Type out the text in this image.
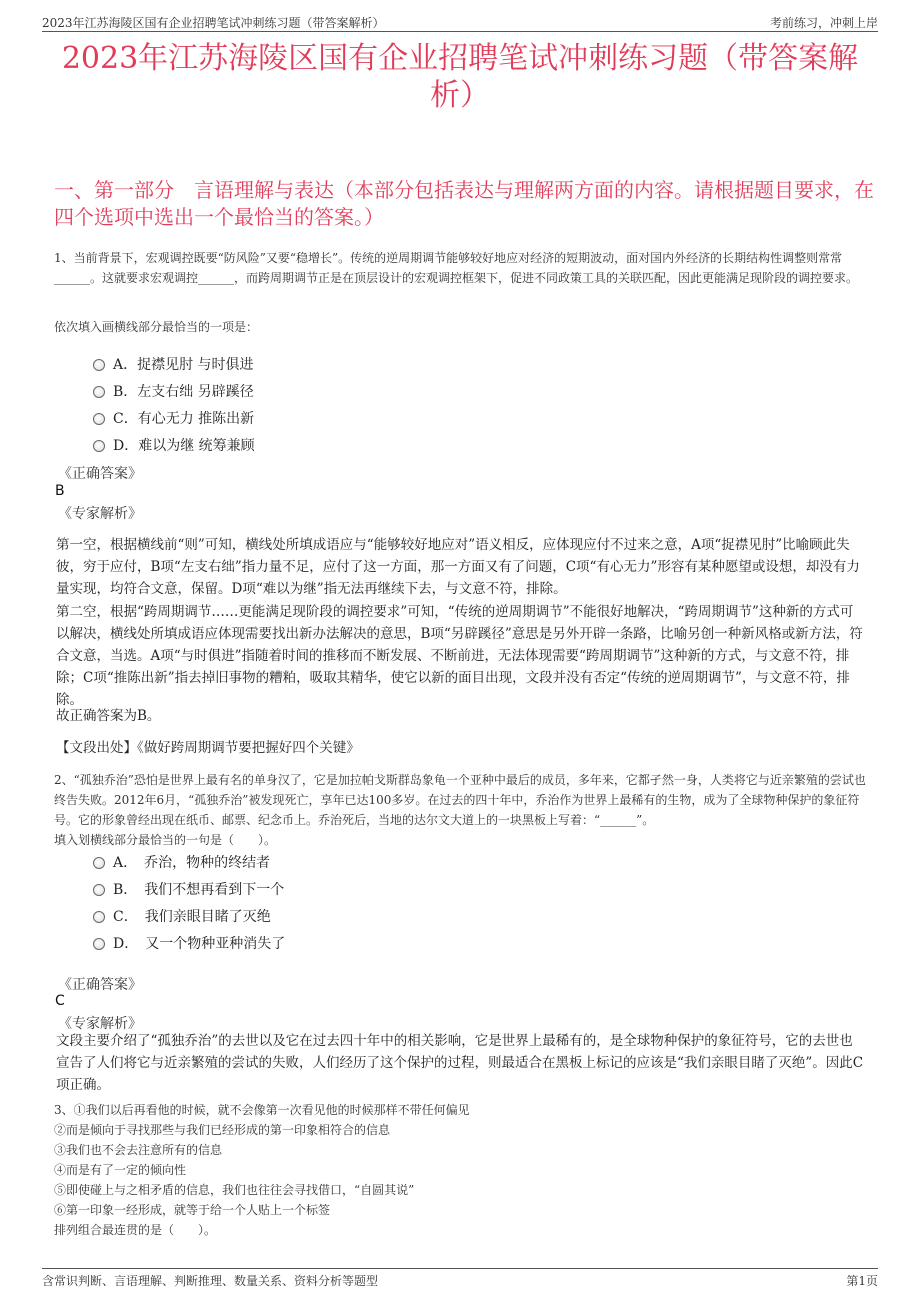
2023年江苏海陵区国有企业招聘笔试冲刺练习题（带答案解析）	考前练习，冲刺上岸
2023年江苏海陵区国有企业招聘笔试冲刺练习题（带答案解析）
一、第一部分　言语理解与表达（本部分包括表达与理解两方面的内容。请根据题目要求，在四个选项中选出一个最恰当的答案。）
1、当前背景下，宏观调控既要“防风险”又要“稳增长”。传统的逆周期调节能够较好地应对经济的短期波动，面对国内外经济的长期结构性调整则常常______。这就要求宏观调控______，而跨周期调节正是在顶层设计的宏观调控框架下，促进不同政策工具的关联匹配，因此更能满足现阶段的调控要求。
依次填入画横线部分最恰当的一项是：
A．捉襟见肘 与时俱进
B．左支右绌 另辟蹊径
C．有心无力 推陈出新
D．难以为继 统筹兼顾
《正确答案》
B
《专家解析》
第一空，根据横线前“则”可知，横线处所填成语应与“能够较好地应对”语义相反，应体现应付不过来之意，A项“捉襟见肘”比喻顾此失彼，穷于应付，B项“左支右绌”指力量不足，应付了这一方面，那一方面又有了问题，C项“有心无力”形容有某种愿望或设想，却没有力量实现，均符合文意，保留。D项“难以为继”指无法再继续下去，与文意不符，排除。
第二空，根据“跨周期调节……更能满足现阶段的调控要求”可知，“传统的逆周期调节”不能很好地解决，“跨周期调节”这种新的方式可以解决，横线处所填成语应体现需要找出新办法解决的意思，B项“另辟蹊径”意思是另外开辟一条路，比喻另创一种新风格或新方法，符合文意，当选。A项“与时俱进”指随着时间的推移而不断发展、不断前进，无法体现需要“跨周期调节”这种新的方式，与文意不符，排除；C项“推陈出新”指去掉旧事物的糟粕，吸取其精华，使它以新的面目出现，文段并没有否定“传统的逆周期调节”，与文意不符，排除。
故正确答案为B。
【文段出处】《做好跨周期调节要把握好四个关键》
2、“孤独乔治”恐怕是世界上最有名的单身汉了，它是加拉帕戈斯群岛象龟一个亚种中最后的成员，多年来，它都孑然一身，人类将它与近亲繁殖的尝试也终告失败。2012年6月，“孤独乔治”被发现死亡，享年已达100多岁。在过去的四十年中，乔治作为世界上最稀有的生物，成为了全球物种保护的象征符号。它的形象曾经出现在纸币、邮票、纪念币上。乔治死后，当地的达尔文大道上的一块黑板上写着：“______”。
填入划横线部分最恰当的一句是（　　）。
A．　乔治，物种的终结者
B．　我们不想再看到下一个
C．　我们亲眼目睹了灭绝
D．　又一个物种亚种消失了
《正确答案》
C
《专家解析》
文段主要介绍了“孤独乔治”的去世以及它在过去四十年中的相关影响，它是世界上最稀有的，是全球物种保护的象征符号，它的去世也宣告了人们将它与近亲繁殖的尝试的失败，人们经历了这个保护的过程，则最适合在黑板上标记的应该是“我们亲眼目睹了灭绝”。因此C项正确。
3、①我们以后再看他的时候，就不会像第一次看见他的时候那样不带任何偏见
②而是倾向于寻找那些与我们已经形成的第一印象相符合的信息
③我们也不会去注意所有的信息
④而是有了一定的倾向性
⑤即使碰上与之相矛盾的信息，我们也往往会寻找借口，“自圆其说”
⑥第一印象一经形成，就等于给一个人贴上一个标签
排列组合最连贯的是（　　）。
含常识判断、言语理解、判断推理、数量关系、资料分析等题型	第1页
